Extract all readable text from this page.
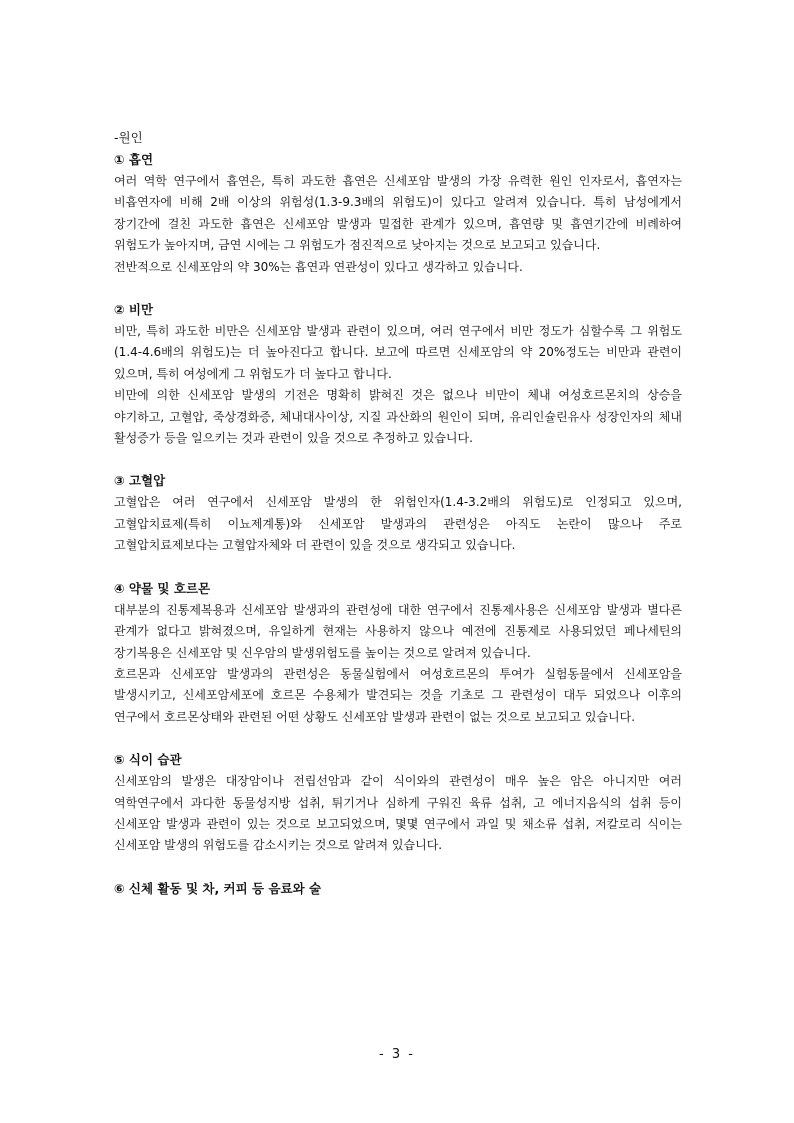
-원인
① 흡연

여러 역학 연구에서 흡연은, 특히 과도한 흡연은 신세포암 발생의 가장 유력한 원인 인자로서, 흡연자는 비흡연자에 비해 2배 이상의 위험성(1.3-9.3배의 위험도)이 있다고 알려져 있습니다. 특히 남성에게서 장기간에 걸친 과도한 흡연은 신세포암 발생과 밀접한 관계가 있으며, 흡연량 및 흡연기간에 비례하여 위험도가 높아지며, 금연 시에는 그 위험도가 점진적으로 낮아지는 것으로 보고되고 있습니다.

전반적으로 신세포암의 약 30%는 흡연과 연관성이 있다고 생각하고 있습니다.

② 비만

비만, 특히 과도한 비만은 신세포암 발생과 관련이 있으며, 여러 연구에서 비만 정도가 심할수록 그 위험도(1.4-4.6배의 위험도)는 더 높아진다고 합니다. 보고에 따르면 신세포암의 약 20%정도는 비만과 관련이 있으며, 특히 여성에게 그 위험도가 더 높다고 합니다.

비만에 의한 신세포암 발생의 기전은 명확히 밝혀진 것은 없으나 비만이 체내 여성호르몬치의 상승을 야기하고, 고혈압, 죽상경화증, 체내대사이상, 지질 과산화의 원인이 되며, 유리인슐린유사 성장인자의 체내 활성증가 등을 일으키는 것과 관련이 있을 것으로 추정하고 있습니다.

③ 고혈압

고혈압은 여러 연구에서 신세포암 발생의 한 위험인자(1.4-3.2배의 위험도)로 인정되고 있으며, 고혈압치료제(특히 이뇨제계통)와 신세포암 발생과의 관련성은 아직도 논란이 많으나 주로 고혈압치료제보다는 고혈압자체와 더 관련이 있을 것으로 생각되고 있습니다.

④ 약물 및 호르몬

대부분의 진통제복용과 신세포암 발생과의 관련성에 대한 연구에서 진통제사용은 신세포암 발생과 별다른 관계가 없다고 밝혀졌으며, 유일하게 현재는 사용하지 않으나 예전에 진통제로 사용되었던 페나세틴의 장기복용은 신세포암 및 신우암의 발생위험도를 높이는 것으로 알려져 있습니다.

호르몬과 신세포암 발생과의 관련성은 동물실험에서 여성호르몬의 투여가 실험동물에서 신세포암을 발생시키고, 신세포암세포에 호르몬 수용체가 발견되는 것을 기초로 그 관련성이 대두 되었으나 이후의 연구에서 호르몬상태와 관련된 어떤 상황도 신세포암 발생과 관련이 없는 것으로 보고되고 있습니다.

⑤ 식이 습관

신세포암의 발생은 대장암이나 전립선암과 같이 식이와의 관련성이 매우 높은 암은 아니지만 여러 역학연구에서 과다한 동물성지방 섭취, 튀기거나 심하게 구워진 육류 섭취, 고 에너지음식의 섭취 등이 신세포암 발생과 관련이 있는 것으로 보고되었으며, 몇몇 연구에서 과일 및 채소류 섭취, 저칼로리 식이는 신세포암 발생의 위험도를 감소시키는 것으로 알려져 있습니다.

⑥ 신체 활동 및 차, 커피 등 음료와 술
- 3 -
